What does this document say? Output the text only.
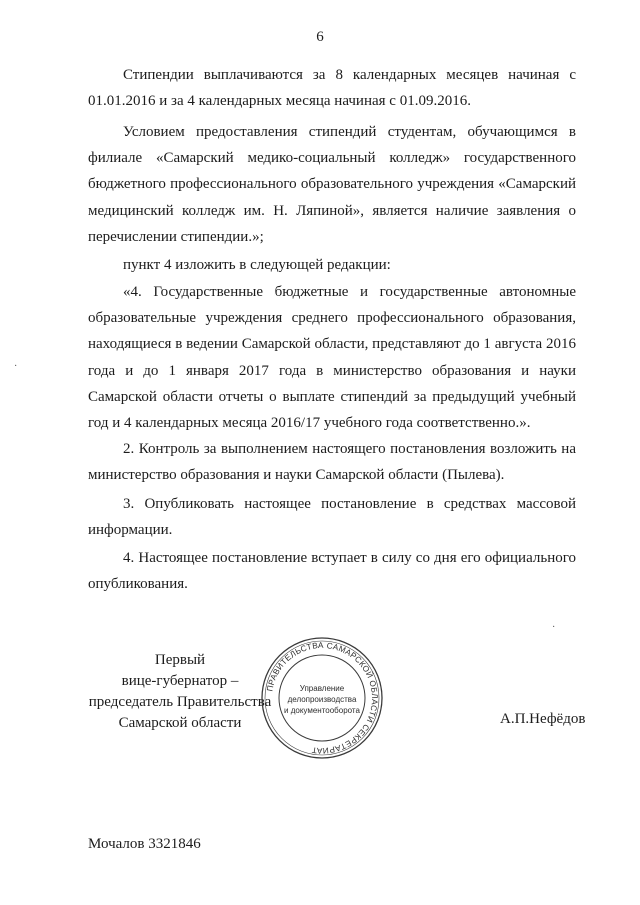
6
Стипендии выплачиваются за 8 календарных месяцев начиная с 01.01.2016 и за 4 календарных месяца начиная с 01.09.2016.
Условием предоставления стипендий студентам, обучающимся в филиале «Самарский медико-социальный колледж» государственного бюджетного профессионального образовательного учреждения «Самарский медицинский колледж им. Н. Ляпиной», является наличие заявления о перечислении стипендии.»;
пункт 4 изложить в следующей редакции:
«4. Государственные бюджетные и государственные автономные образовательные учреждения среднего профессионального образования, находящиеся в ведении Самарской области, представляют до 1 августа 2016 года и до 1 января 2017 года в министерство образования и науки Самарской области отчеты о выплате стипендий за предыдущий учебный год и 4 календарных месяца 2016/17 учебного года соответственно.».
2. Контроль за выполнением настоящего постановления возложить на министерство образования и науки Самарской области (Пылева).
3. Опубликовать настоящее постановление в средствах массовой информации.
4. Настоящее постановление вступает в силу со дня его официального опубликования.
Первый
вице-губернатор –
председатель Правительства
Самарской области
ПРАВИТЕЛЬСТВА САМАРСКОЙ ОБЛАСТИ СЕКРЕТАРИАТ
Управление
делопроизводства
и документооборота
А.П.Нефёдов
Мочалов 3321846
·
·
